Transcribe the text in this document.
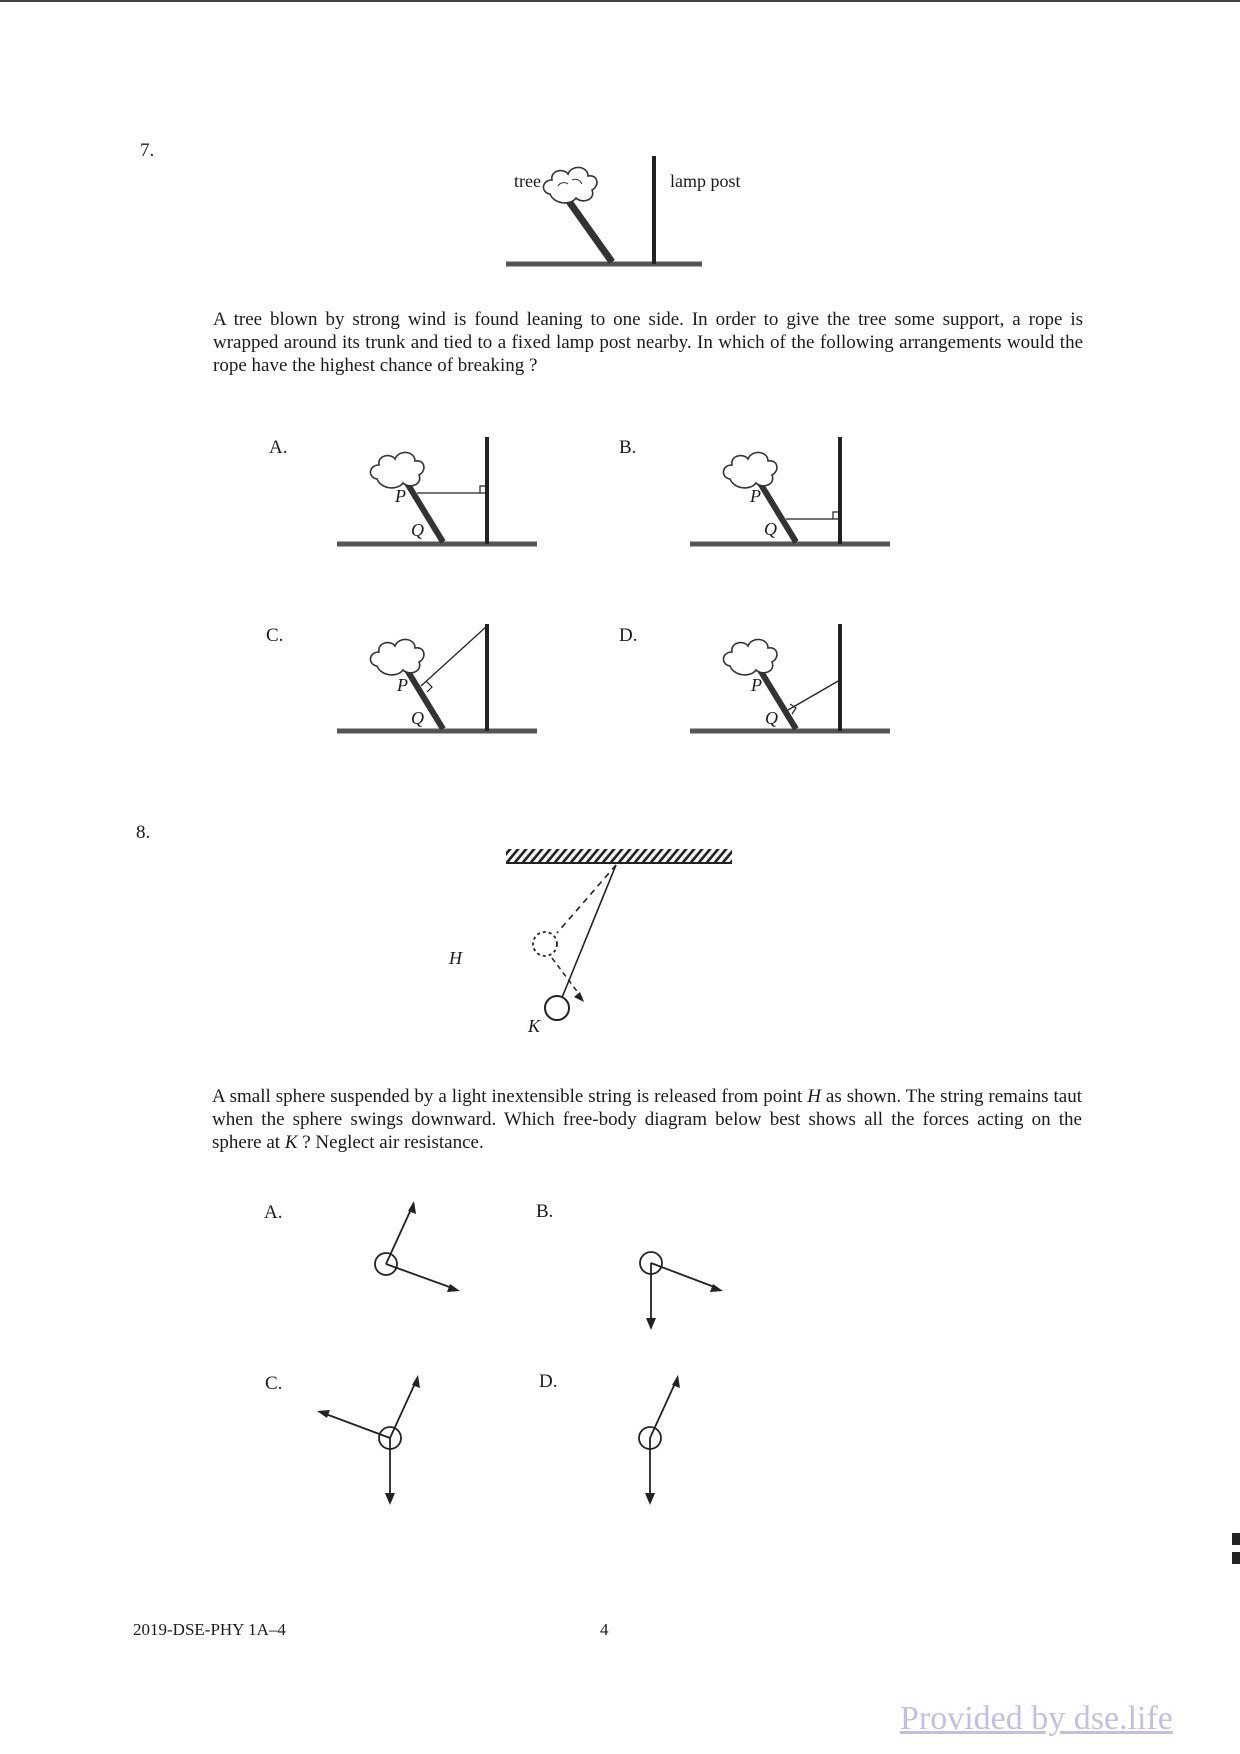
7.
tree	lamp post
A tree blown by strong wind is found leaning to one side. In order to give the tree some support, a rope is wrapped around its trunk and tied to a fixed lamp post nearby. In which of the following arrangements would the rope have the highest chance of breaking ?
A.
P
Q
B.
P
Q
C.
P
Q
D.
P
Q
8.
H
K
A small sphere suspended by a light inextensible string is released from point H as shown. The string remains taut when the sphere swings downward. Which free-body diagram below best shows all the forces acting on the sphere at K ? Neglect air resistance.
A.	B.
C.	D.
2019-DSE-PHY 1A–4	4
Provided by dse.life
